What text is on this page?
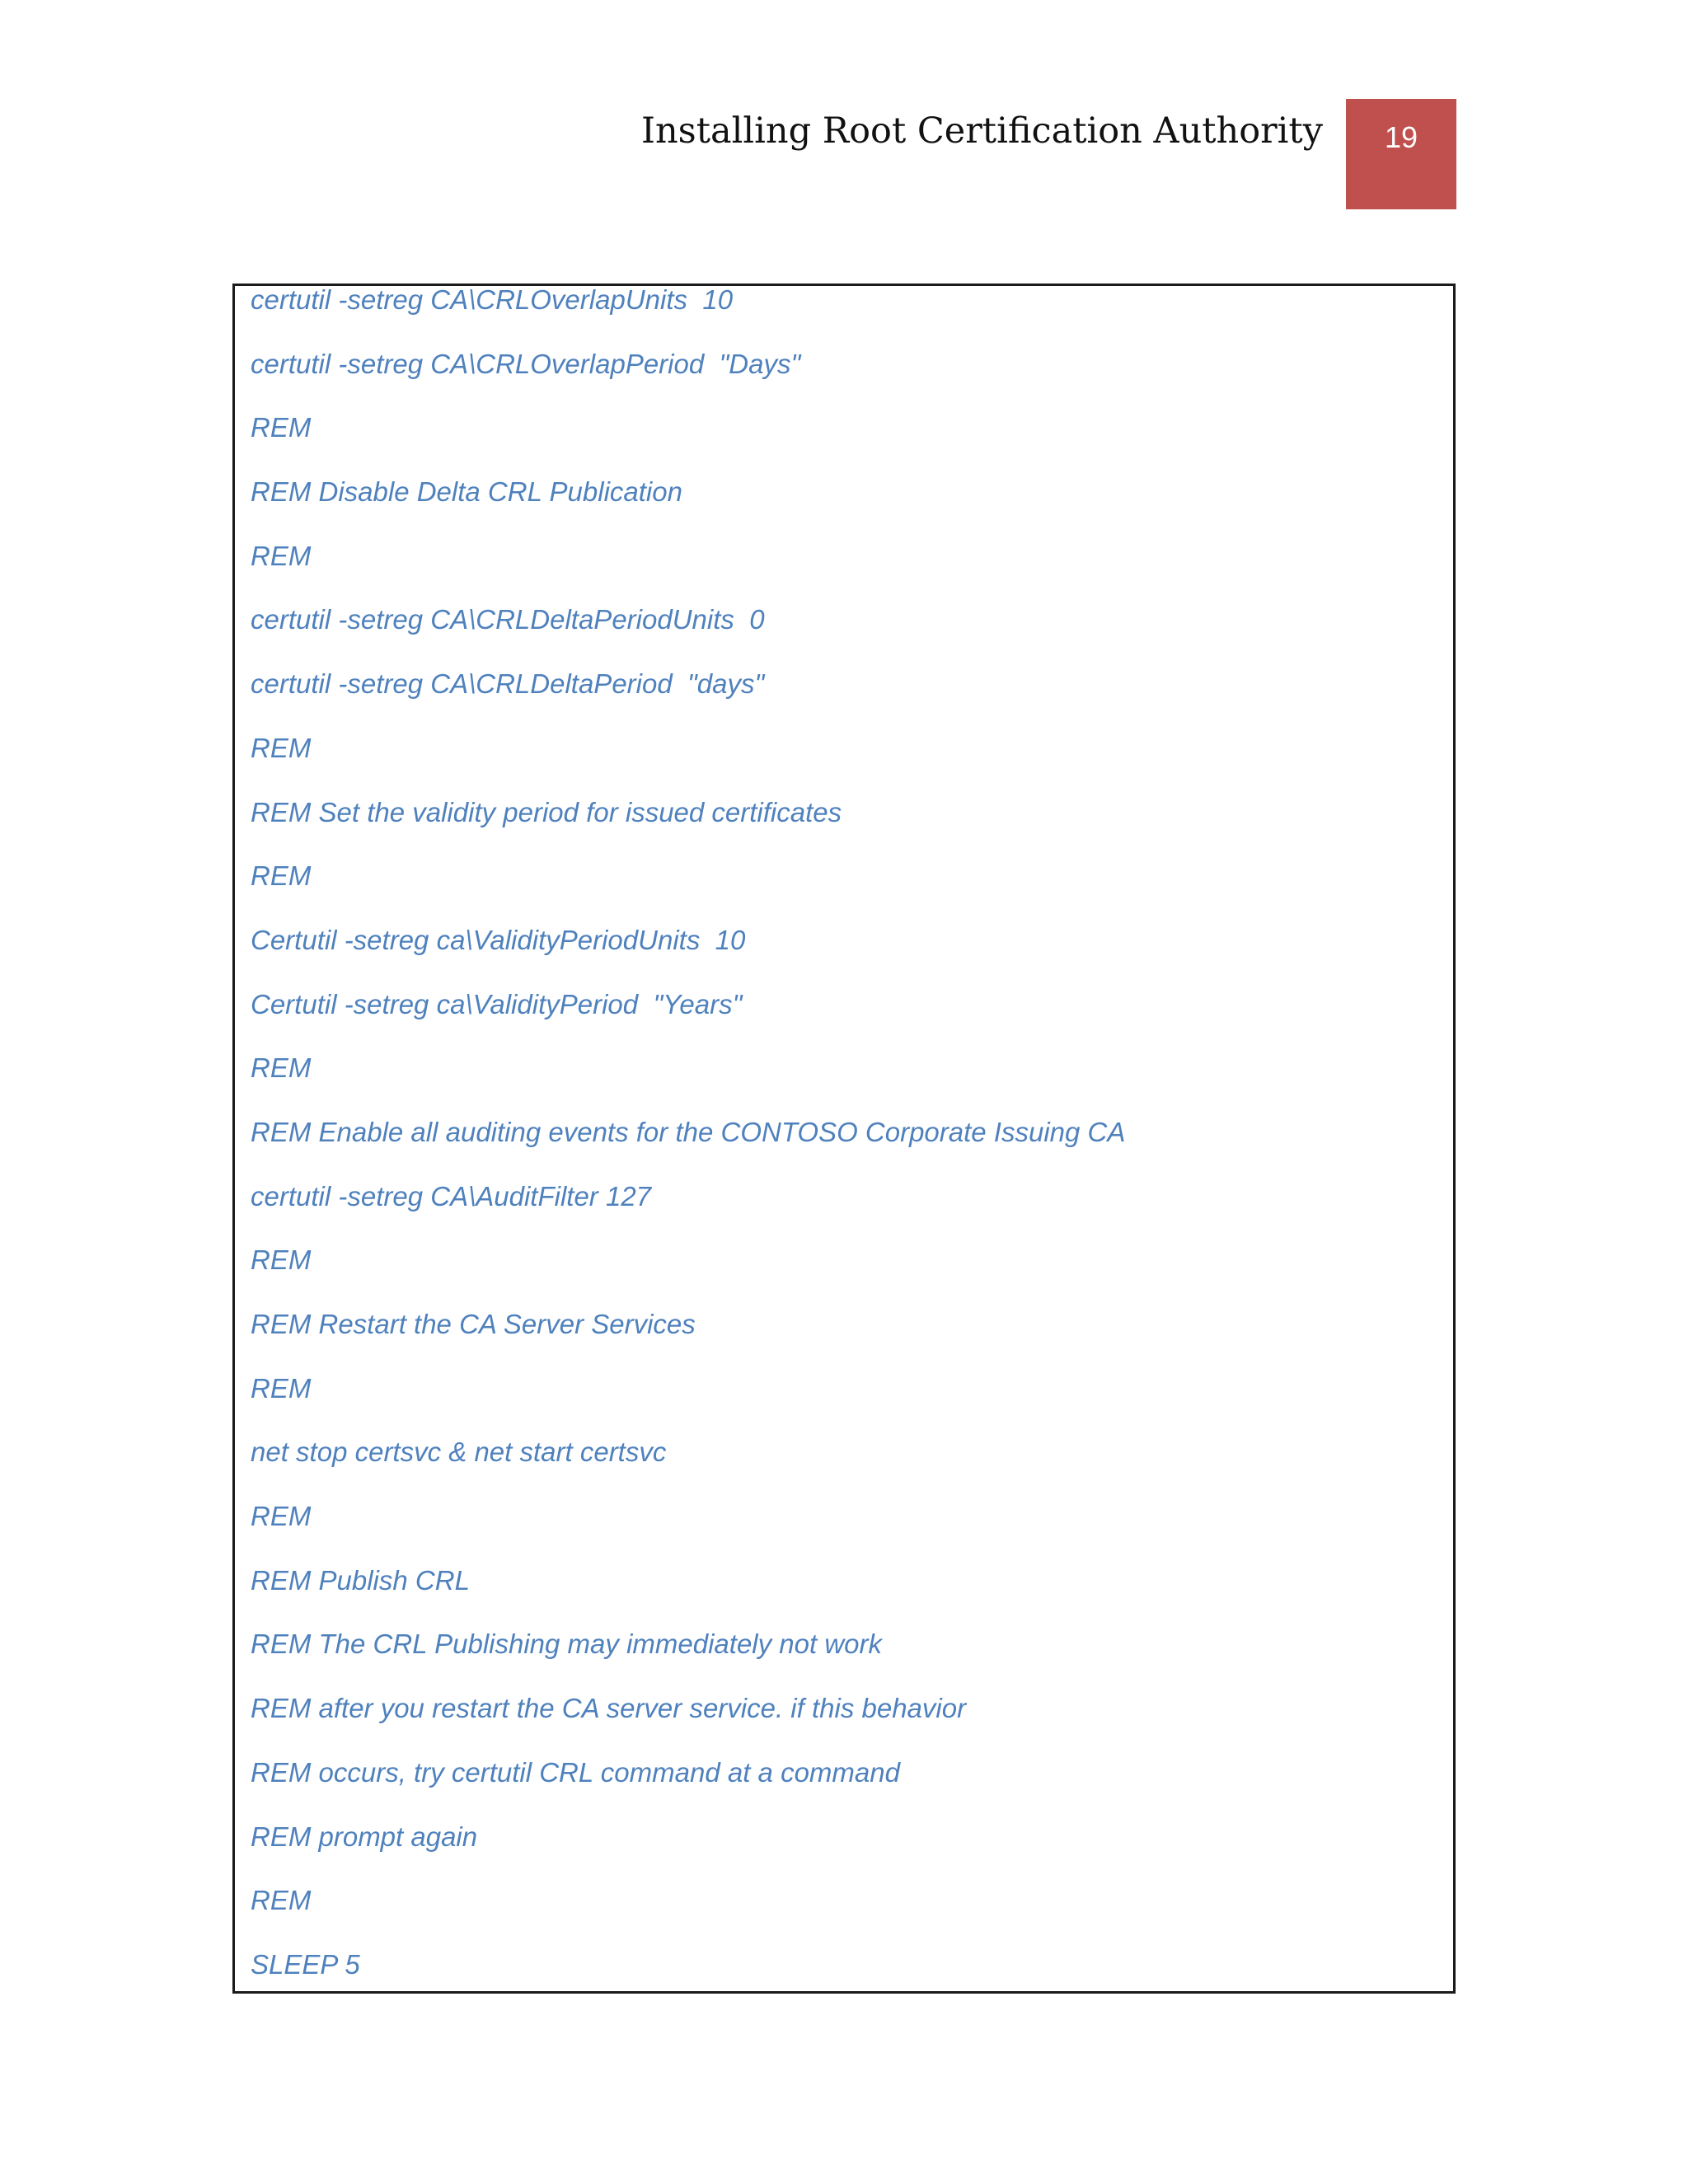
Installing Root Certification Authority	19
certutil -setreg CA\CRLOverlapUnits  10
certutil -setreg CA\CRLOverlapPeriod  "Days"
REM
REM Disable Delta CRL Publication
REM
certutil -setreg CA\CRLDeltaPeriodUnits  0
certutil -setreg CA\CRLDeltaPeriod  "days"
REM
REM Set the validity period for issued certificates
REM
Certutil -setreg ca\ValidityPeriodUnits  10
Certutil -setreg ca\ValidityPeriod  "Years"
REM
REM Enable all auditing events for the CONTOSO Corporate Issuing CA
certutil -setreg CA\AuditFilter 127
REM
REM Restart the CA Server Services
REM
net stop certsvc & net start certsvc
REM
REM Publish CRL
REM The CRL Publishing may immediately not work
REM after you restart the CA server service. if this behavior
REM occurs, try certutil CRL command at a command
REM prompt again
REM
SLEEP 5
